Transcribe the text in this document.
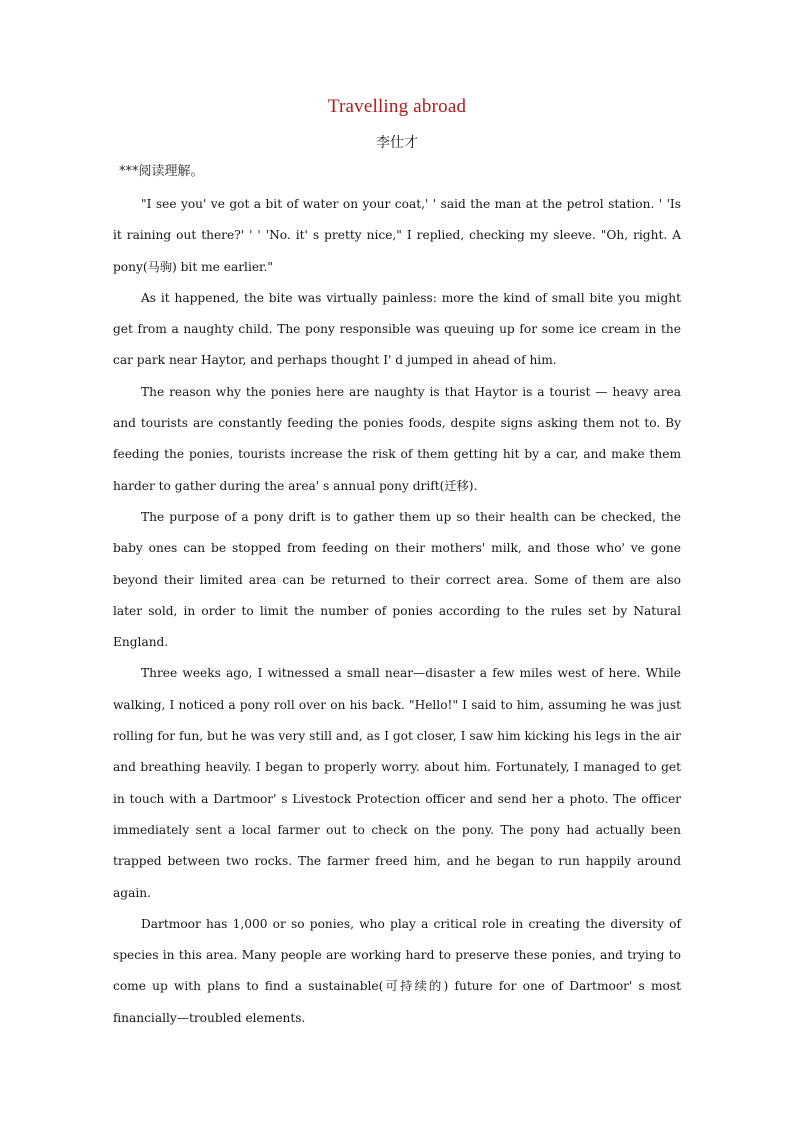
Travelling abroad
李仕才
***阅读理解。

"I see you' ve got a bit of water on your coat,' ' said the man at the petrol station. ' 'Is it raining out there?' ' ' 'No. it' s pretty nice," I replied, checking my sleeve. "Oh, right. A pony(马驹) bit me earlier."

As it happened, the bite was virtually painless: more the kind of small bite you might get from a naughty child. The pony responsible was queuing up for some ice cream in the car park near Haytor, and perhaps thought I' d jumped in ahead of him.

The reason why the ponies here are naughty is that Haytor is a tourist — heavy area and tourists are constantly feeding the ponies foods, despite signs asking them not to. By feeding the ponies, tourists increase the risk of them getting hit by a car, and make them harder to gather during the area' s annual pony drift(迁移).

The purpose of a pony drift is to gather them up so their health can be checked, the baby ones can be stopped from feeding on their mothers' milk, and those who' ve gone beyond their limited area can be returned to their correct area. Some of them are also later sold, in order to limit the number of ponies according to the rules set by Natural England.

Three weeks ago, I witnessed a small near—disaster a few miles west of here. While walking, I noticed a pony roll over on his back. "Hello!" I said to him, assuming he was just rolling for fun, but he was very still and, as I got closer, I saw him kicking his legs in the air and breathing heavily. I began to properly worry. about him. Fortunately, I managed to get in touch with a Dartmoor' s Livestock Protection officer and send her a photo. The officer immediately sent a local farmer out to check on the pony. The pony had actually been trapped between two rocks. The farmer freed him, and he began to run happily around again.

Dartmoor has 1,000 or so ponies, who play a critical role in creating the diversity of species in this area. Many people are working hard to preserve these ponies, and trying to come up with plans to find a sustainable(可持续的) future for one of Dartmoor' s most financially—troubled elements.
